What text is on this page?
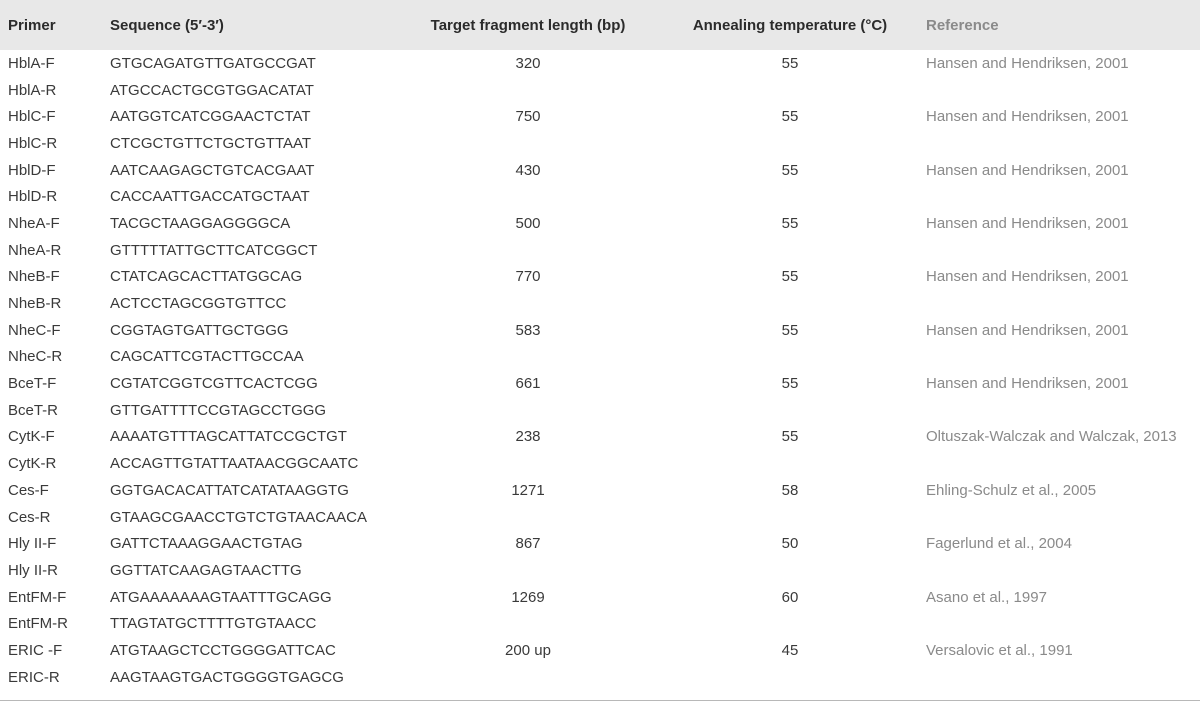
Primer	Sequence (5′-3′)	Target fragment length (bp)	Annealing temperature (°C)	Reference
HblA-F	GTGCAGATGTTGATGCCGAT	320	55	Hansen and Hendriksen, 2001
HblA-R	ATGCCACTGCGTGGACATAT			
HblC-F	AATGGTCATCGGAACTCTAT	750	55	Hansen and Hendriksen, 2001
HblC-R	CTCGCTGTTCTGCTGTTAAT			
HblD-F	AATCAAGAGCTGTCACGAAT	430	55	Hansen and Hendriksen, 2001
HblD-R	CACCAATTGACCATGCTAAT			
NheA-F	TACGCTAAGGAGGGGCA	500	55	Hansen and Hendriksen, 2001
NheA-R	GTTTTTATTGCTTCATCGGCT			
NheB-F	CTATCAGCACTTATGGCAG	770	55	Hansen and Hendriksen, 2001
NheB-R	ACTCCTAGCGGTGTTCC			
NheC-F	CGGTAGTGATTGCTGGG	583	55	Hansen and Hendriksen, 2001
NheC-R	CAGCATTCGTACTTGCCAA			
BceT-F	CGTATCGGTCGTTCACTCGG	661	55	Hansen and Hendriksen, 2001
BceT-R	GTTGATTTTCCGTAGCCTGGG			
CytK-F	AAAATGTTTAGCATTATCCGCTGT	238	55	Oltuszak-Walczak and Walczak, 2013
CytK-R	ACCAGTTGTATTAATAACGGCAATC			
Ces-F	GGTGACACATTATCATATAAGGTG	1271	58	Ehling-Schulz et al., 2005
Ces-R	GTAAGCGAACCTGTCTGTAACAACA			
Hly II-F	GATTCTAAAGGAACTGTAG	867	50	Fagerlund et al., 2004
Hly II-R	GGTTATCAAGAGTAACTTG			
EntFM-F	ATGAAAAAAAGTAATTTGCAGG	1269	60	Asano et al., 1997
EntFM-R	TTAGTATGCTTTTGTGTAACC			
ERIC -F	ATGTAAGCTCCTGGGGATTCAC	200 up	45	Versalovic et al., 1991
ERIC-R	AAGTAAGTGACTGGGGTGAGCG			
